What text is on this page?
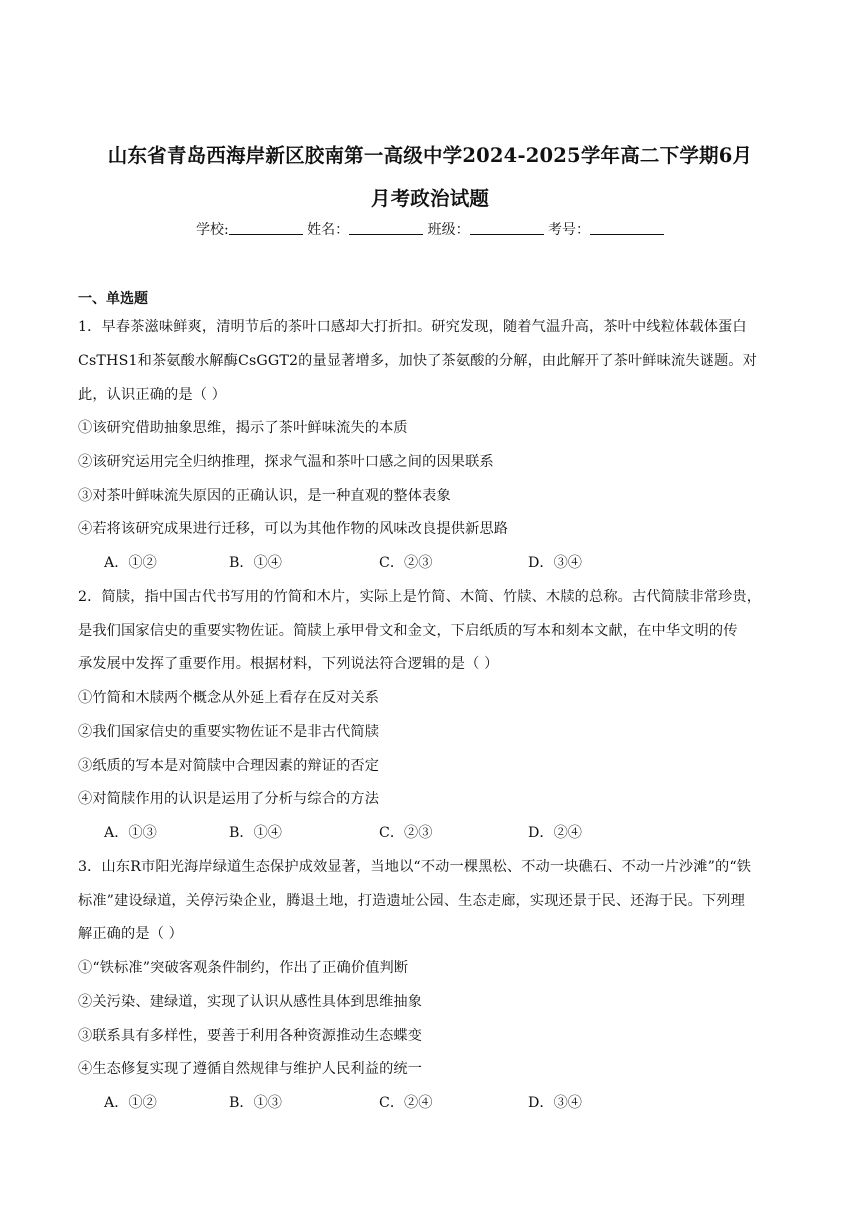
山东省青岛西海岸新区胶南第一高级中学2024-2025学年高二下学期6月
月考政治试题
学校:	姓名：	班级：	考号：
一、单选题
1．早春茶滋味鲜爽，清明节后的茶叶口感却大打折扣。研究发现，随着气温升高，茶叶中线粒体载体蛋白
CsTHS1和茶氨酸水解酶CsGGT2的量显著增多，加快了茶氨酸的分解，由此解开了茶叶鲜味流失谜题。对
此，认识正确的是（ ）
①该研究借助抽象思维，揭示了茶叶鲜味流失的本质
②该研究运用完全归纳推理，探求气温和茶叶口感之间的因果联系
③对茶叶鲜味流失原因的正确认识，是一种直观的整体表象
④若将该研究成果进行迁移，可以为其他作物的风味改良提供新思路
A．①②	B．①④	C．②③	D．③④
2．简牍，指中国古代书写用的竹简和木片，实际上是竹简、木简、竹牍、木牍的总称。古代简牍非常珍贵，
是我们国家信史的重要实物佐证。简牍上承甲骨文和金文，下启纸质的写本和刻本文献，在中华文明的传
承发展中发挥了重要作用。根据材料，下列说法符合逻辑的是（ ）
①竹简和木牍两个概念从外延上看存在反对关系
②我们国家信史的重要实物佐证不是非古代简牍
③纸质的写本是对简牍中合理因素的辩证的否定
④对简牍作用的认识是运用了分析与综合的方法
A．①③	B．①④	C．②③	D．②④
3．山东R市阳光海岸绿道生态保护成效显著，当地以“不动一棵黑松、不动一块礁石、不动一片沙滩”的“铁
标准”建设绿道，关停污染企业，腾退土地，打造遗址公园、生态走廊，实现还景于民、还海于民。下列理
解正确的是（ ）
①“铁标准”突破客观条件制约，作出了正确价值判断
②关污染、建绿道，实现了认识从感性具体到思维抽象
③联系具有多样性，要善于利用各种资源推动生态蝶变
④生态修复实现了遵循自然规律与维护人民利益的统一
A．①②	B．①③	C．②④	D．③④
